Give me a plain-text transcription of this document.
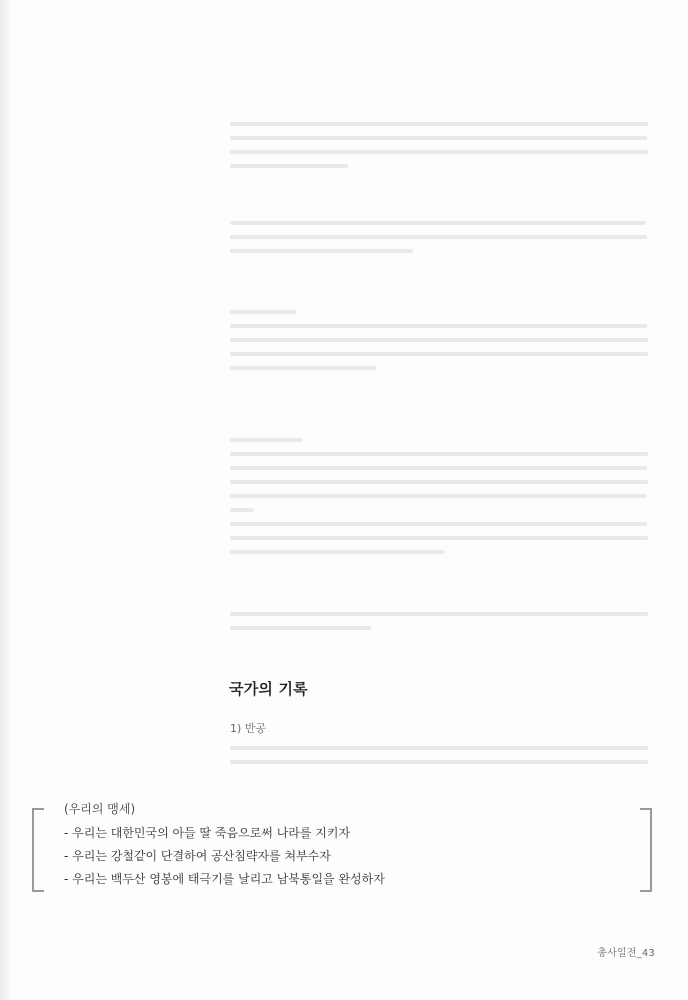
국가의 기록
1) 반공
(우리의 맹세)
- 우리는 대한민국의 아들 딸 죽음으로써 나라를 지키자
- 우리는 강철같이 단결하여 공산침략자를 쳐부수자
- 우리는 백두산 영봉에 태극기를 날리고 남북통일을 완성하자
총사일전_43
